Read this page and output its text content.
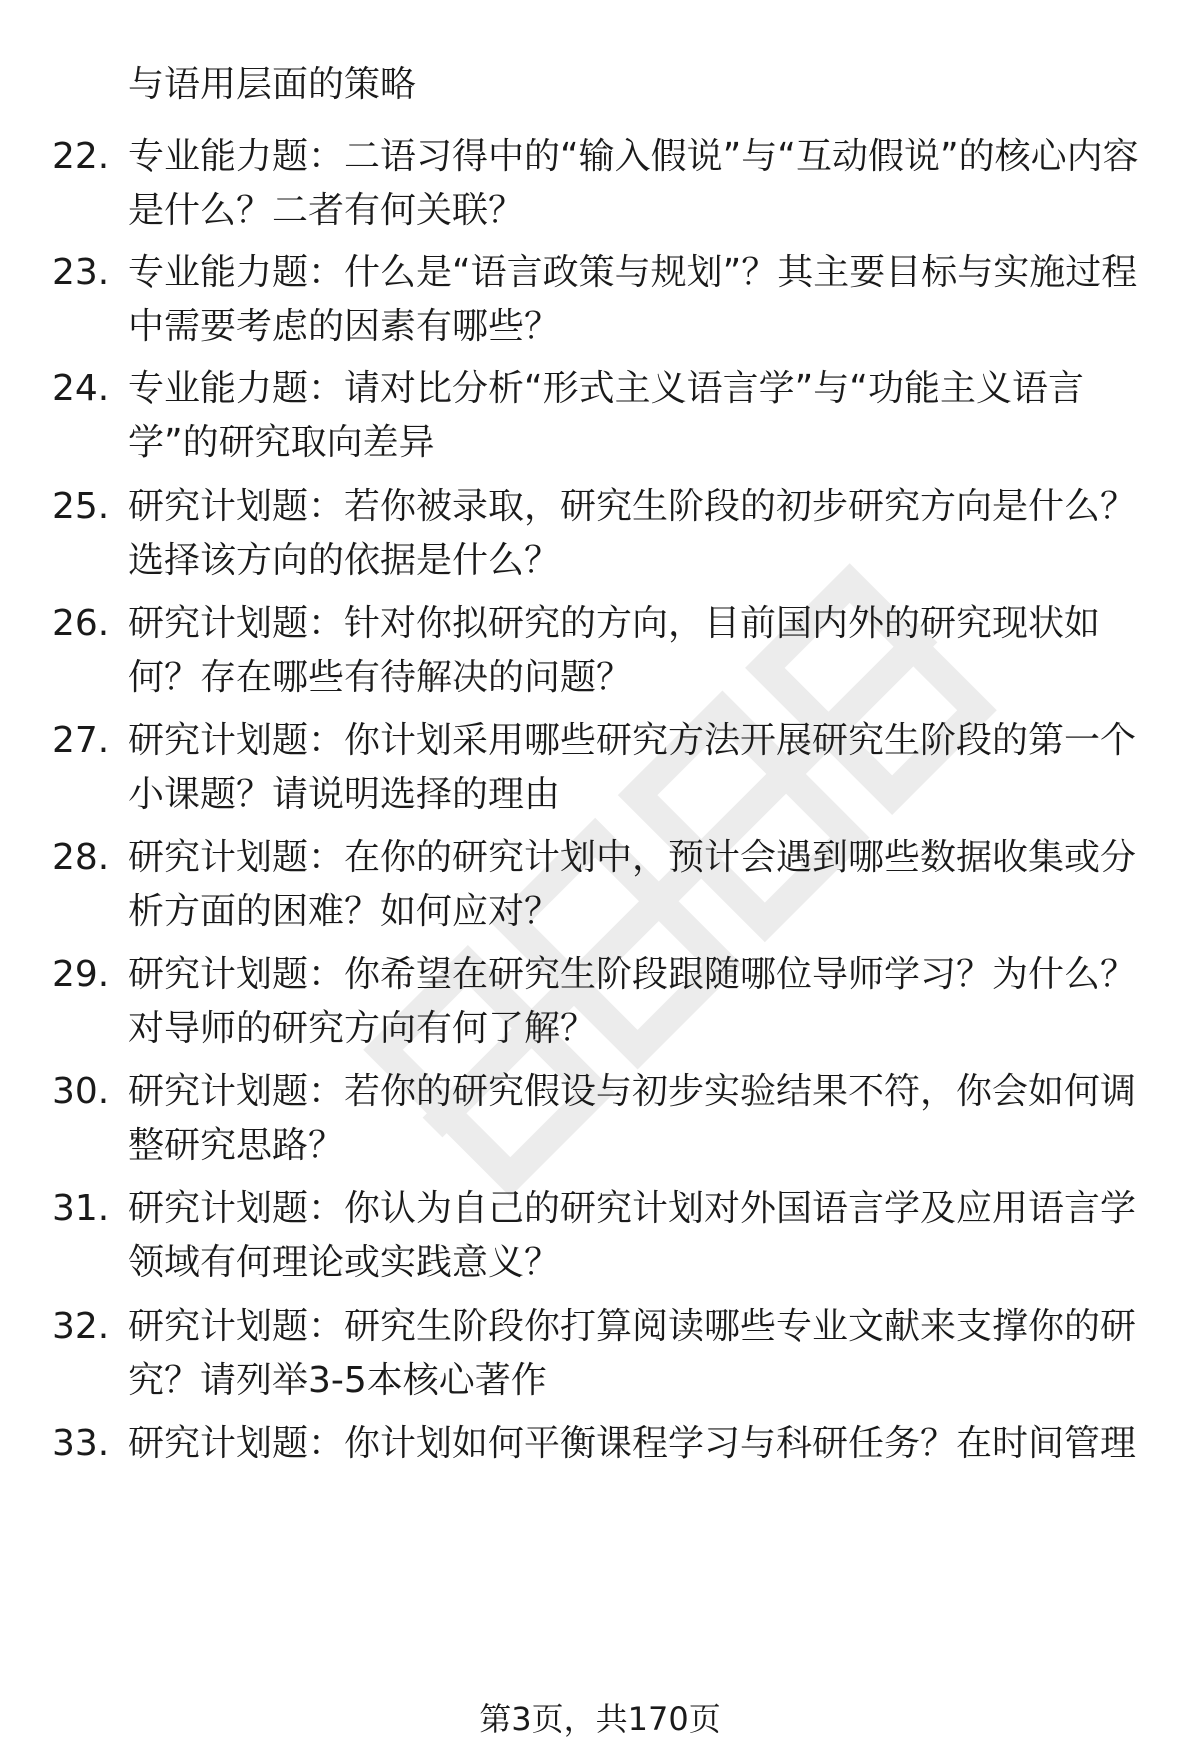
与语用层面的策略

22. 专业能力题：二语习得中的“输入假说”与“互动假说”的核心内容是什么？二者有何关联？

23. 专业能力题：什么是“语言政策与规划”？其主要目标与实施过程中需要考虑的因素有哪些？

24. 专业能力题：请对比分析“形式主义语言学”与“功能主义语言学”的研究取向差异

25. 研究计划题：若你被录取，研究生阶段的初步研究方向是什么？选择该方向的依据是什么？

26. 研究计划题：针对你拟研究的方向，目前国内外的研究现状如何？存在哪些有待解决的问题？

27. 研究计划题：你计划采用哪些研究方法开展研究生阶段的第一个小课题？请说明选择的理由

28. 研究计划题：在你的研究计划中，预计会遇到哪些数据收集或分析方面的困难？如何应对？

29. 研究计划题：你希望在研究生阶段跟随哪位导师学习？为什么？对导师的研究方向有何了解？

30. 研究计划题：若你的研究假设与初步实验结果不符，你会如何调整研究思路？

31. 研究计划题：你认为自己的研究计划对外国语言学及应用语言学领域有何理论或实践意义？

32. 研究计划题：研究生阶段你打算阅读哪些专业文献来支撑你的研究？请列举3-5本核心著作

33. 研究计划题：你计划如何平衡课程学习与科研任务？在时间管理

第3页，共170页
